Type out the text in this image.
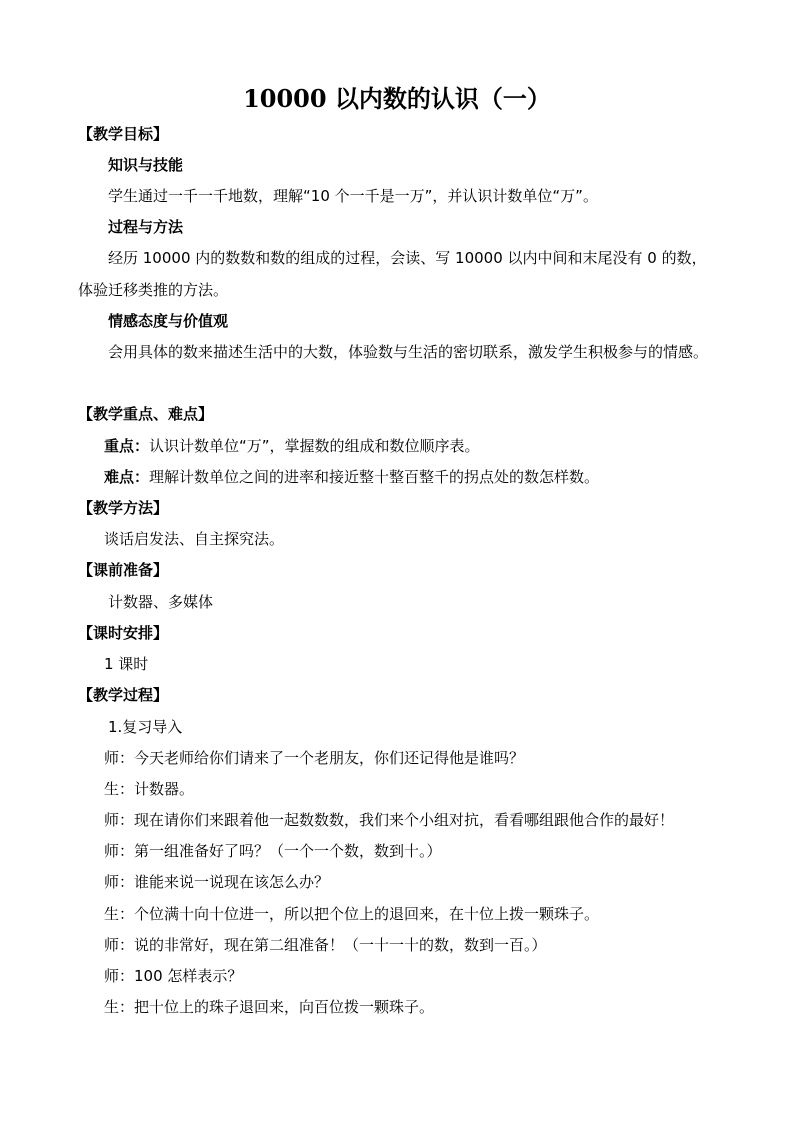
10000 以内数的认识（一）
【教学目标】
知识与技能
学生通过一千一千地数，理解“10 个一千是一万”，并认识计数单位“万”。
过程与方法
经历 10000 内的数数和数的组成的过程，会读、写 10000 以内中间和末尾没有 0 的数，体验迁移类推的方法。
情感态度与价值观
会用具体的数来描述生活中的大数，体验数与生活的密切联系，激发学生积极参与的情感。
【教学重点、难点】
重点：认识计数单位“万”，掌握数的组成和数位顺序表。
难点：理解计数单位之间的进率和接近整十整百整千的拐点处的数怎样数。
【教学方法】
谈话启发法、自主探究法。
【课前准备】
计数器、多媒体
【课时安排】
1 课时
【教学过程】
1.复习导入
师：今天老师给你们请来了一个老朋友，你们还记得他是谁吗？
生：计数器。
师：现在请你们来跟着他一起数数数，我们来个小组对抗，看看哪组跟他合作的最好！
师：第一组准备好了吗？（一个一个数，数到十。）
师：谁能来说一说现在该怎么办？
生：个位满十向十位进一，所以把个位上的退回来，在十位上拨一颗珠子。
师：说的非常好，现在第二组准备！（一十一十的数，数到一百。）
师：100 怎样表示？
生：把十位上的珠子退回来，向百位拨一颗珠子。
